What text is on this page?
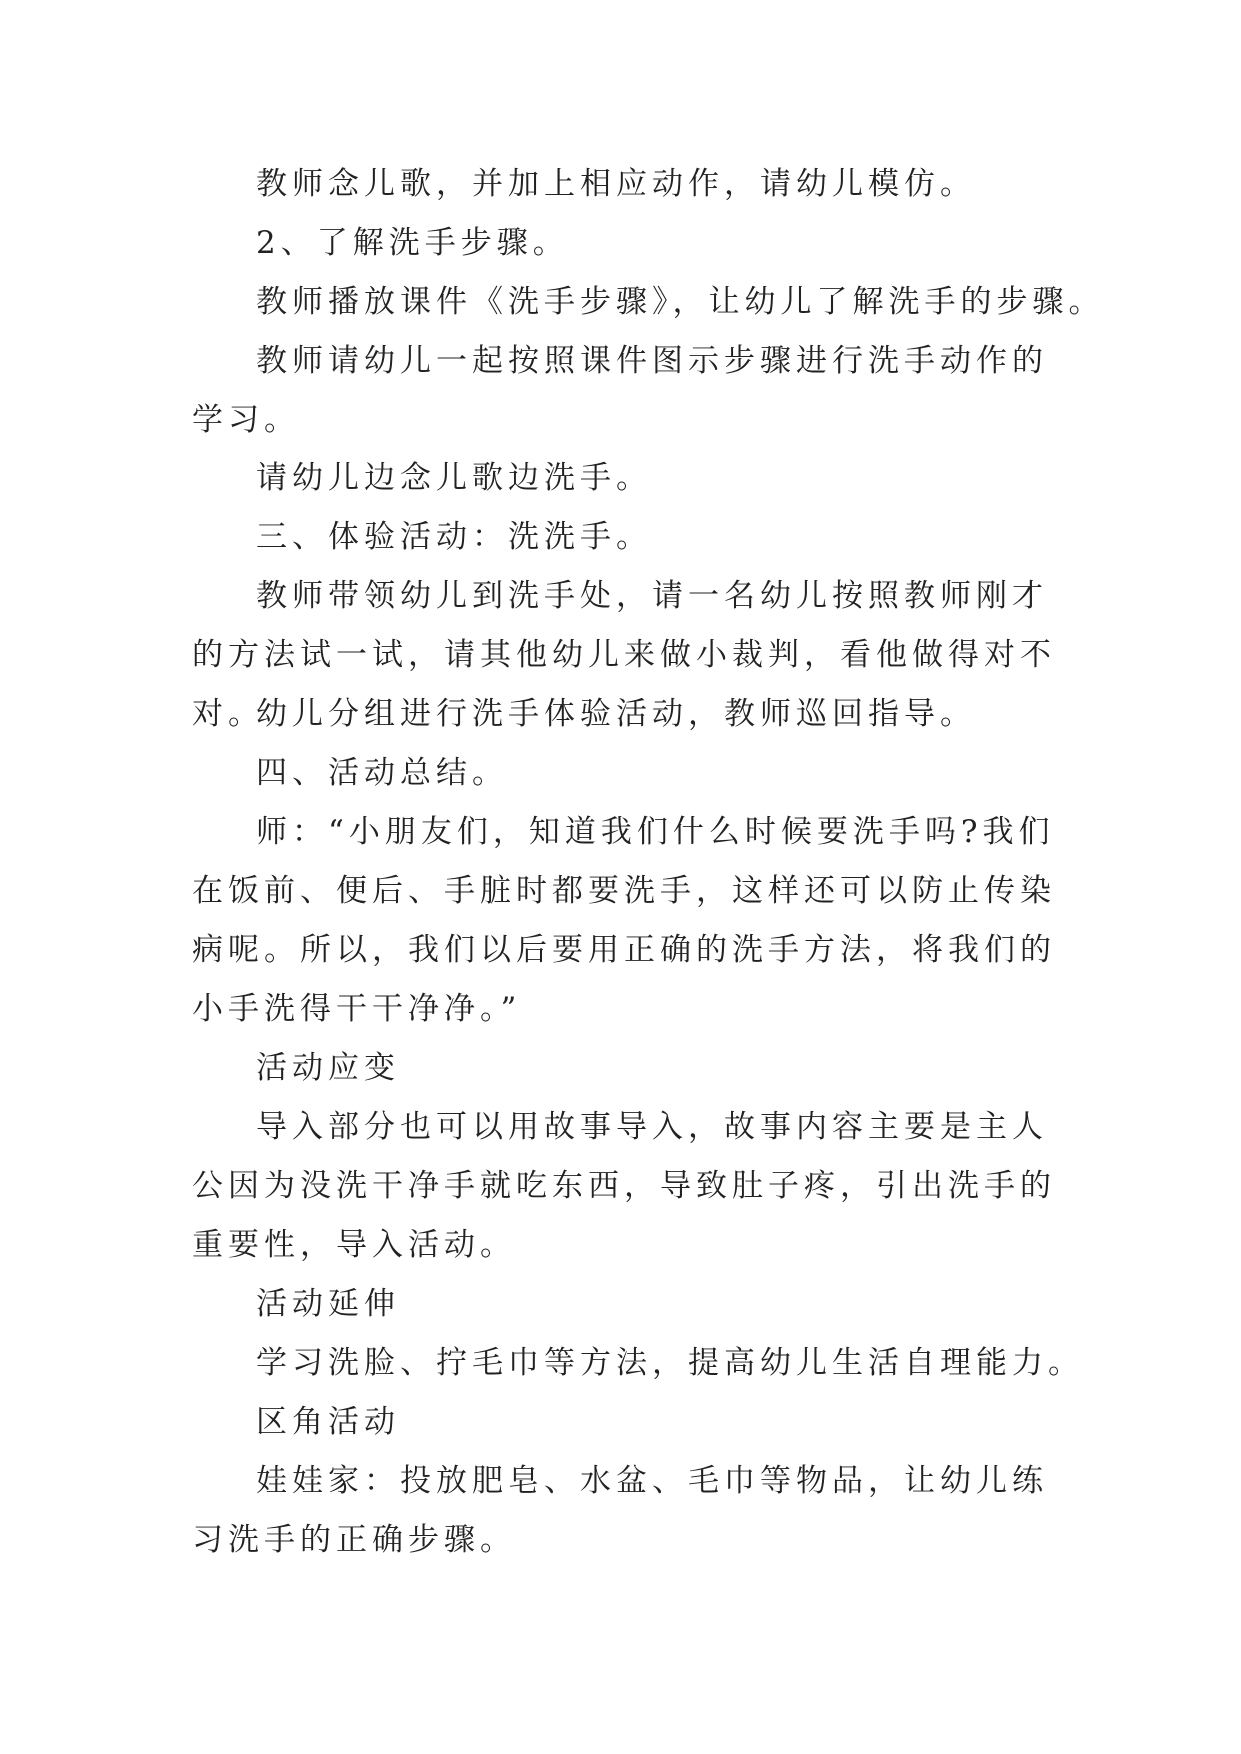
教师念儿歌，并加上相应动作，请幼儿模仿。

2、了解洗手步骤。

教师播放课件《洗手步骤》，让幼儿了解洗手的步骤。

教师请幼儿一起按照课件图示步骤进行洗手动作的学习。

请幼儿边念儿歌边洗手。

三、体验活动：洗洗手。

教师带领幼儿到洗手处，请一名幼儿按照教师刚才的方法试一试，请其他幼儿来做小裁判，看他做得对不对。

幼儿分组进行洗手体验活动，教师巡回指导。

四、活动总结。

师：“小朋友们，知道我们什么时候要洗手吗?我们在饭前、便后、手脏时都要洗手，这样还可以防止传染病呢。所以，我们以后要用正确的洗手方法，将我们的小手洗得干干净净。”

活动应变

导入部分也可以用故事导入，故事内容主要是主人公因为没洗干净手就吃东西，导致肚子疼，引出洗手的重要性，导入活动。

活动延伸

学习洗脸、拧毛巾等方法，提高幼儿生活自理能力。

区角活动

娃娃家：投放肥皂、水盆、毛巾等物品，让幼儿练习洗手的正确步骤。
